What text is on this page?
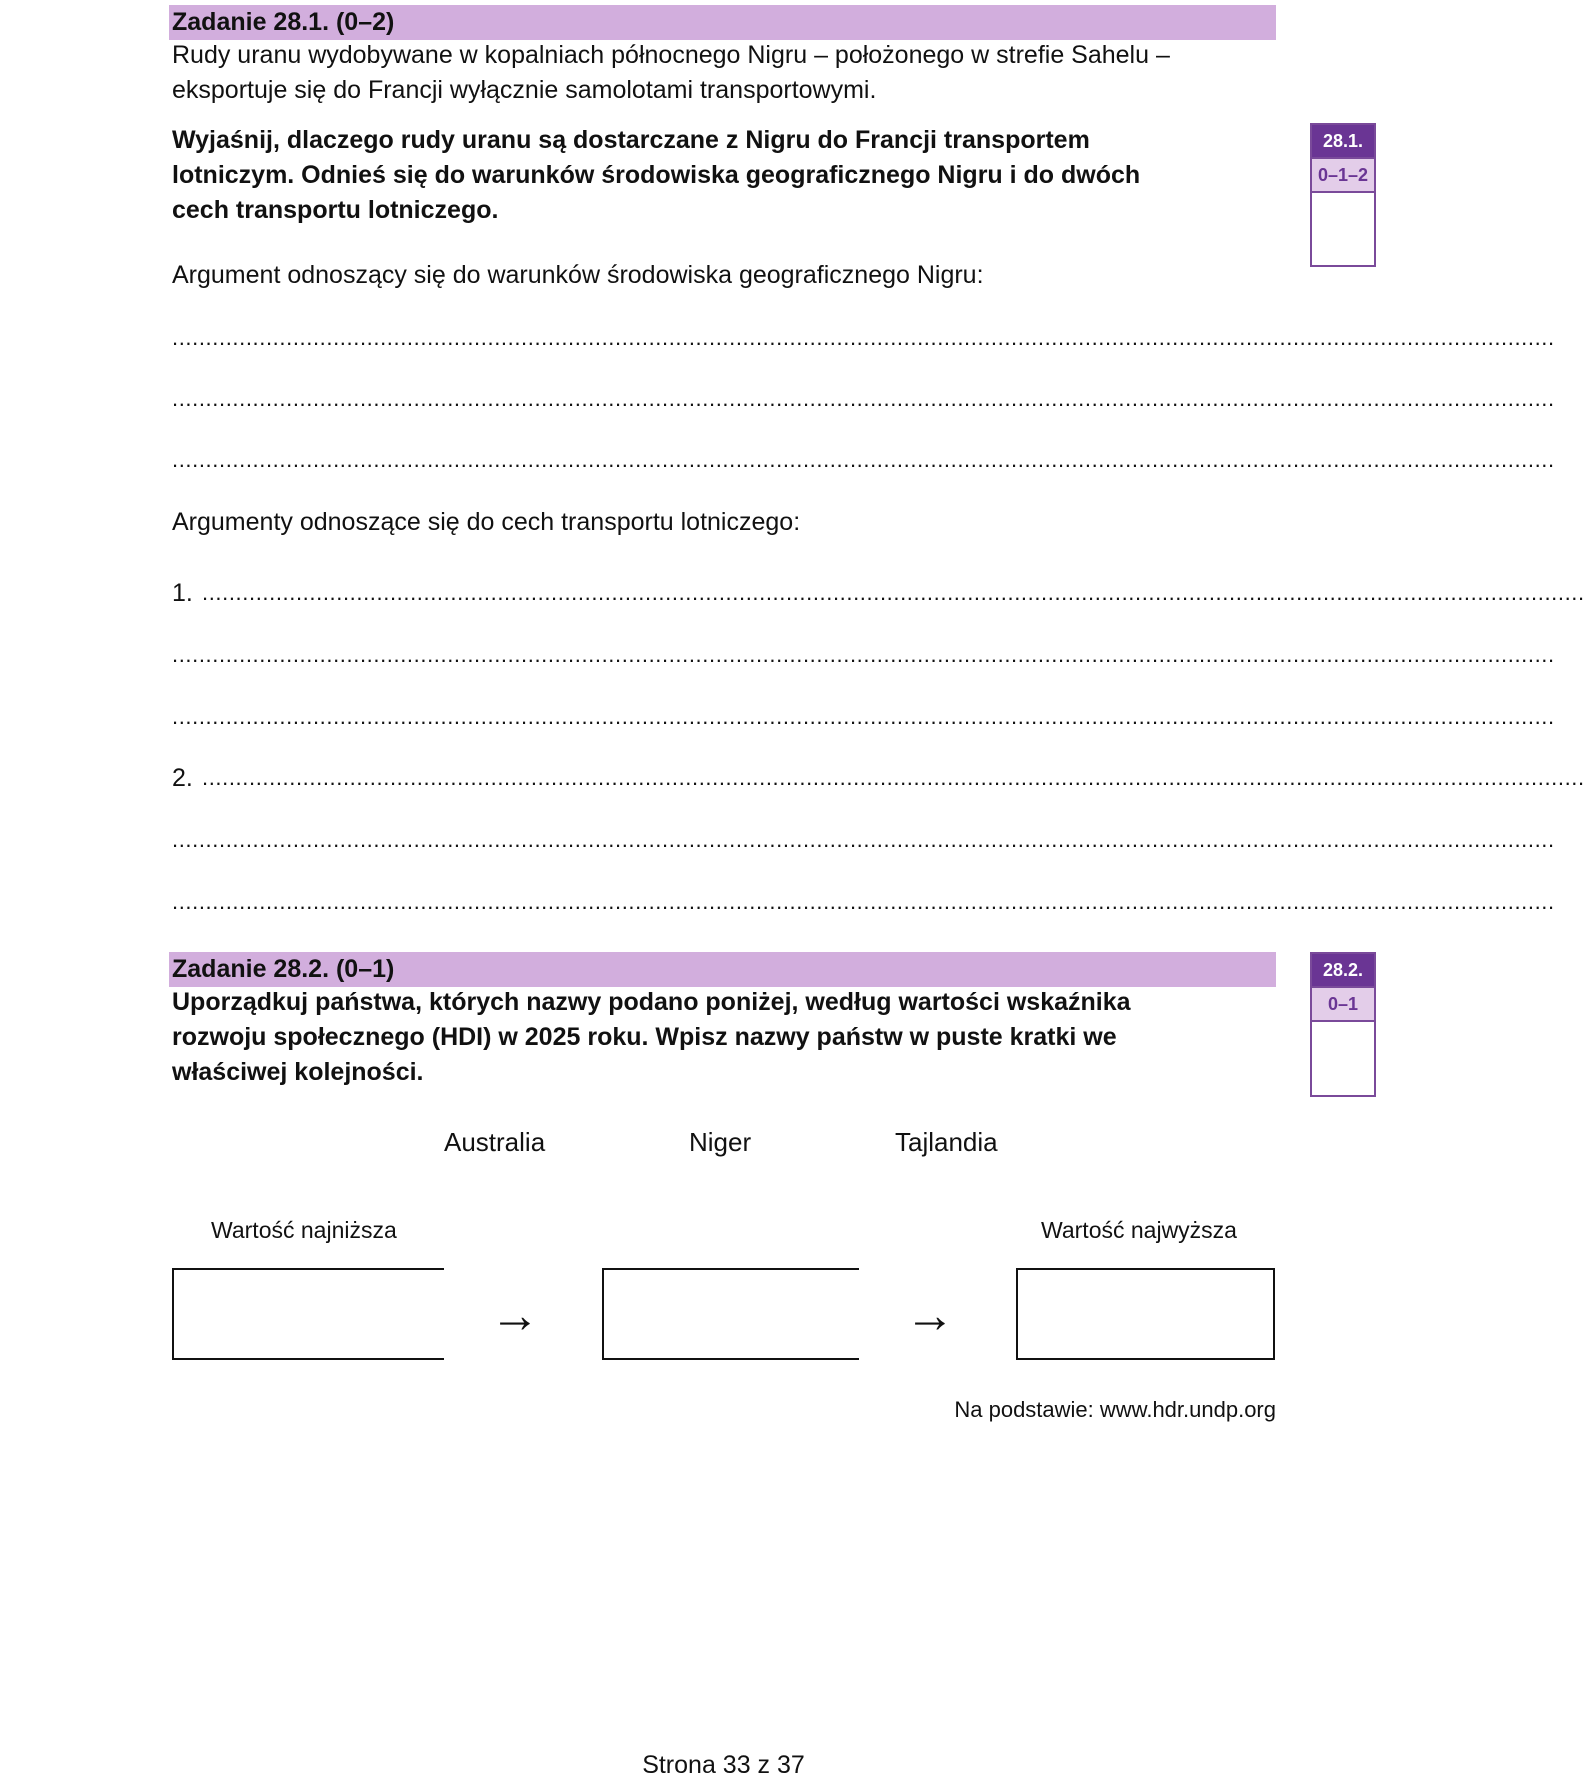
Zadanie 28.1. (0–2)
Rudy uranu wydobywane w kopalniach północnego Nigru – położonego w strefie Sahelu –
eksportuje się do Francji wyłącznie samolotami transportowymi.
Wyjaśnij, dlaczego rudy uranu są dostarczane z Nigru do Francji transportem
lotniczym. Odnieś się do warunków środowiska geograficznego Nigru i do dwóch
cech transportu lotniczego.
28.1.
0–1–2
Argument odnoszący się do warunków środowiska geograficznego Nigru:
..............................................................................................................................................................................................................
..............................................................................................................................................................................................................
..............................................................................................................................................................................................................
Argumenty odnoszące się do cech transportu lotniczego:
1. ..............................................................................................................................................................................................................
..............................................................................................................................................................................................................
..............................................................................................................................................................................................................
2. ..............................................................................................................................................................................................................
..............................................................................................................................................................................................................
..............................................................................................................................................................................................................
Zadanie 28.2. (0–1)
Uporządkuj państwa, których nazwy podano poniżej, według wartości wskaźnika
rozwoju społecznego (HDI) w 2025 roku. Wpisz nazwy państw w puste kratki we
właściwej kolejności.
28.2.
0–1
Australia	Niger	Tajlandia
Wartość najniższa	Wartość najwyższa
→	→
Na podstawie: www.hdr.undp.org
Strona 33 z 37
